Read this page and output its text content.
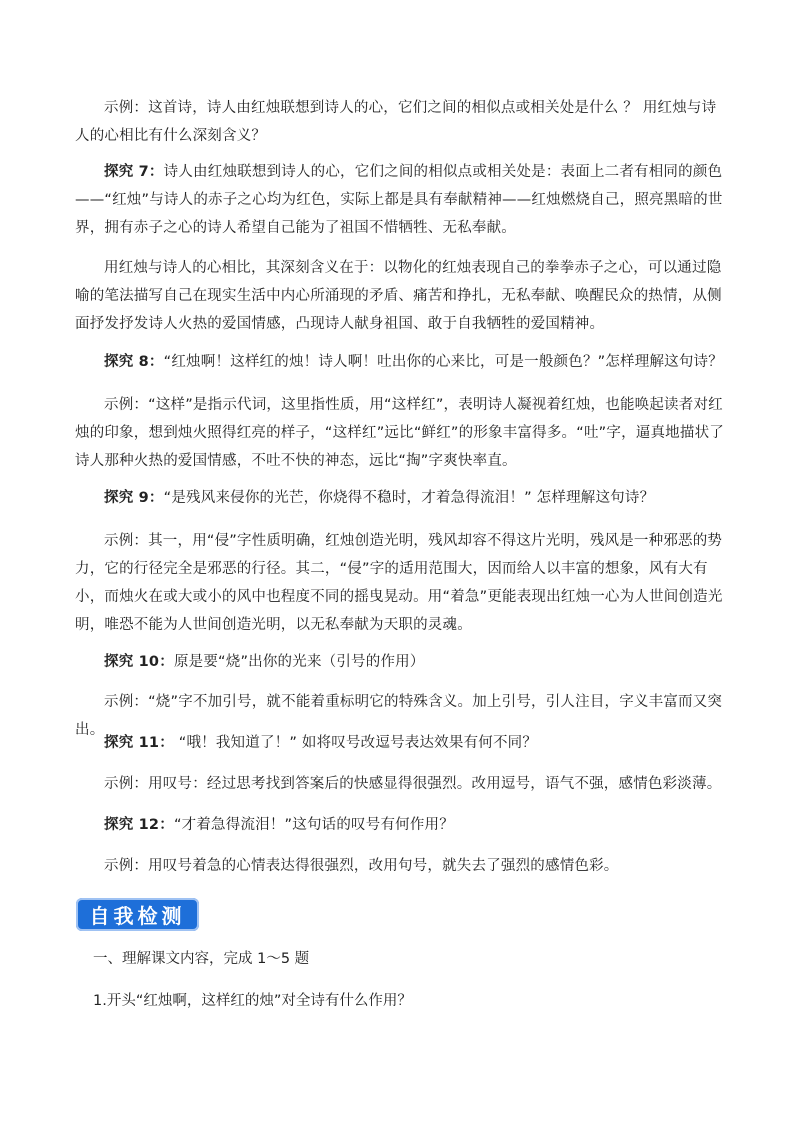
示例：这首诗，诗人由红烛联想到诗人的心，它们之间的相似点或相关处是什么 ？ 用红烛与诗人的心相比有什么深刻含义？

探究 7：诗人由红烛联想到诗人的心，它们之间的相似点或相关处是：表面上二者有相同的颜色——“红烛”与诗人的赤子之心均为红色，实际上都是具有奉献精神——红烛燃烧自己，照亮黑暗的世界，拥有赤子之心的诗人希望自己能为了祖国不惜牺牲、无私奉献。

用红烛与诗人的心相比，其深刻含义在于：以物化的红烛表现自己的拳拳赤子之心，可以通过隐喻的笔法描写自己在现实生活中内心所涌现的矛盾、痛苦和挣扎，无私奉献、唤醒民众的热情，从侧面抒发抒发诗人火热的爱国情感，凸现诗人献身祖国、敢于自我牺牲的爱国精神。

探究 8：“红烛啊！这样红的烛！诗人啊！吐出你的心来比，可是一般颜色？”怎样理解这句诗？

示例：“这样”是指示代词，这里指性质，用“这样红”，表明诗人凝视着红烛，也能唤起读者对红烛的印象，想到烛火照得红亮的样子，“这样红”远比“鲜红”的形象丰富得多。“吐”字，逼真地描状了诗人那种火热的爱国情感，不吐不快的神态，远比“掏”字爽快率直。

探究 9：“是残风来侵你的光芒，你烧得不稳时，才着急得流泪！” 怎样理解这句诗？

示例：其一，用“侵”字性质明确，红烛创造光明，残风却容不得这片光明，残风是一种邪恶的势力，它的行径完全是邪恶的行径。其二，“侵”字的适用范围大，因而给人以丰富的想象，风有大有小，而烛火在或大或小的风中也程度不同的摇曳晃动。用“着急”更能表现出红烛一心为人世间创造光明，唯恐不能为人世间创造光明，以无私奉献为天职的灵魂。

探究 10：原是要“烧”出你的光来（引号的作用）

示例：“烧”字不加引号，就不能着重标明它的特殊含义。加上引号，引人注目，字义丰富而又突出。

探究 11： “哦！我知道了！” 如将叹号改逗号表达效果有何不同？

示例：用叹号：经过思考找到答案后的快感显得很强烈。改用逗号，语气不强，感情色彩淡薄。

探究 12：“才着急得流泪！”这句话的叹号有何作用？

示例：用叹号着急的心情表达得很强烈，改用句号，就失去了强烈的感情色彩。

自我检测

一、理解课文内容，完成 1～5 题

1.开头“红烛啊，这样红的烛”对全诗有什么作用？
